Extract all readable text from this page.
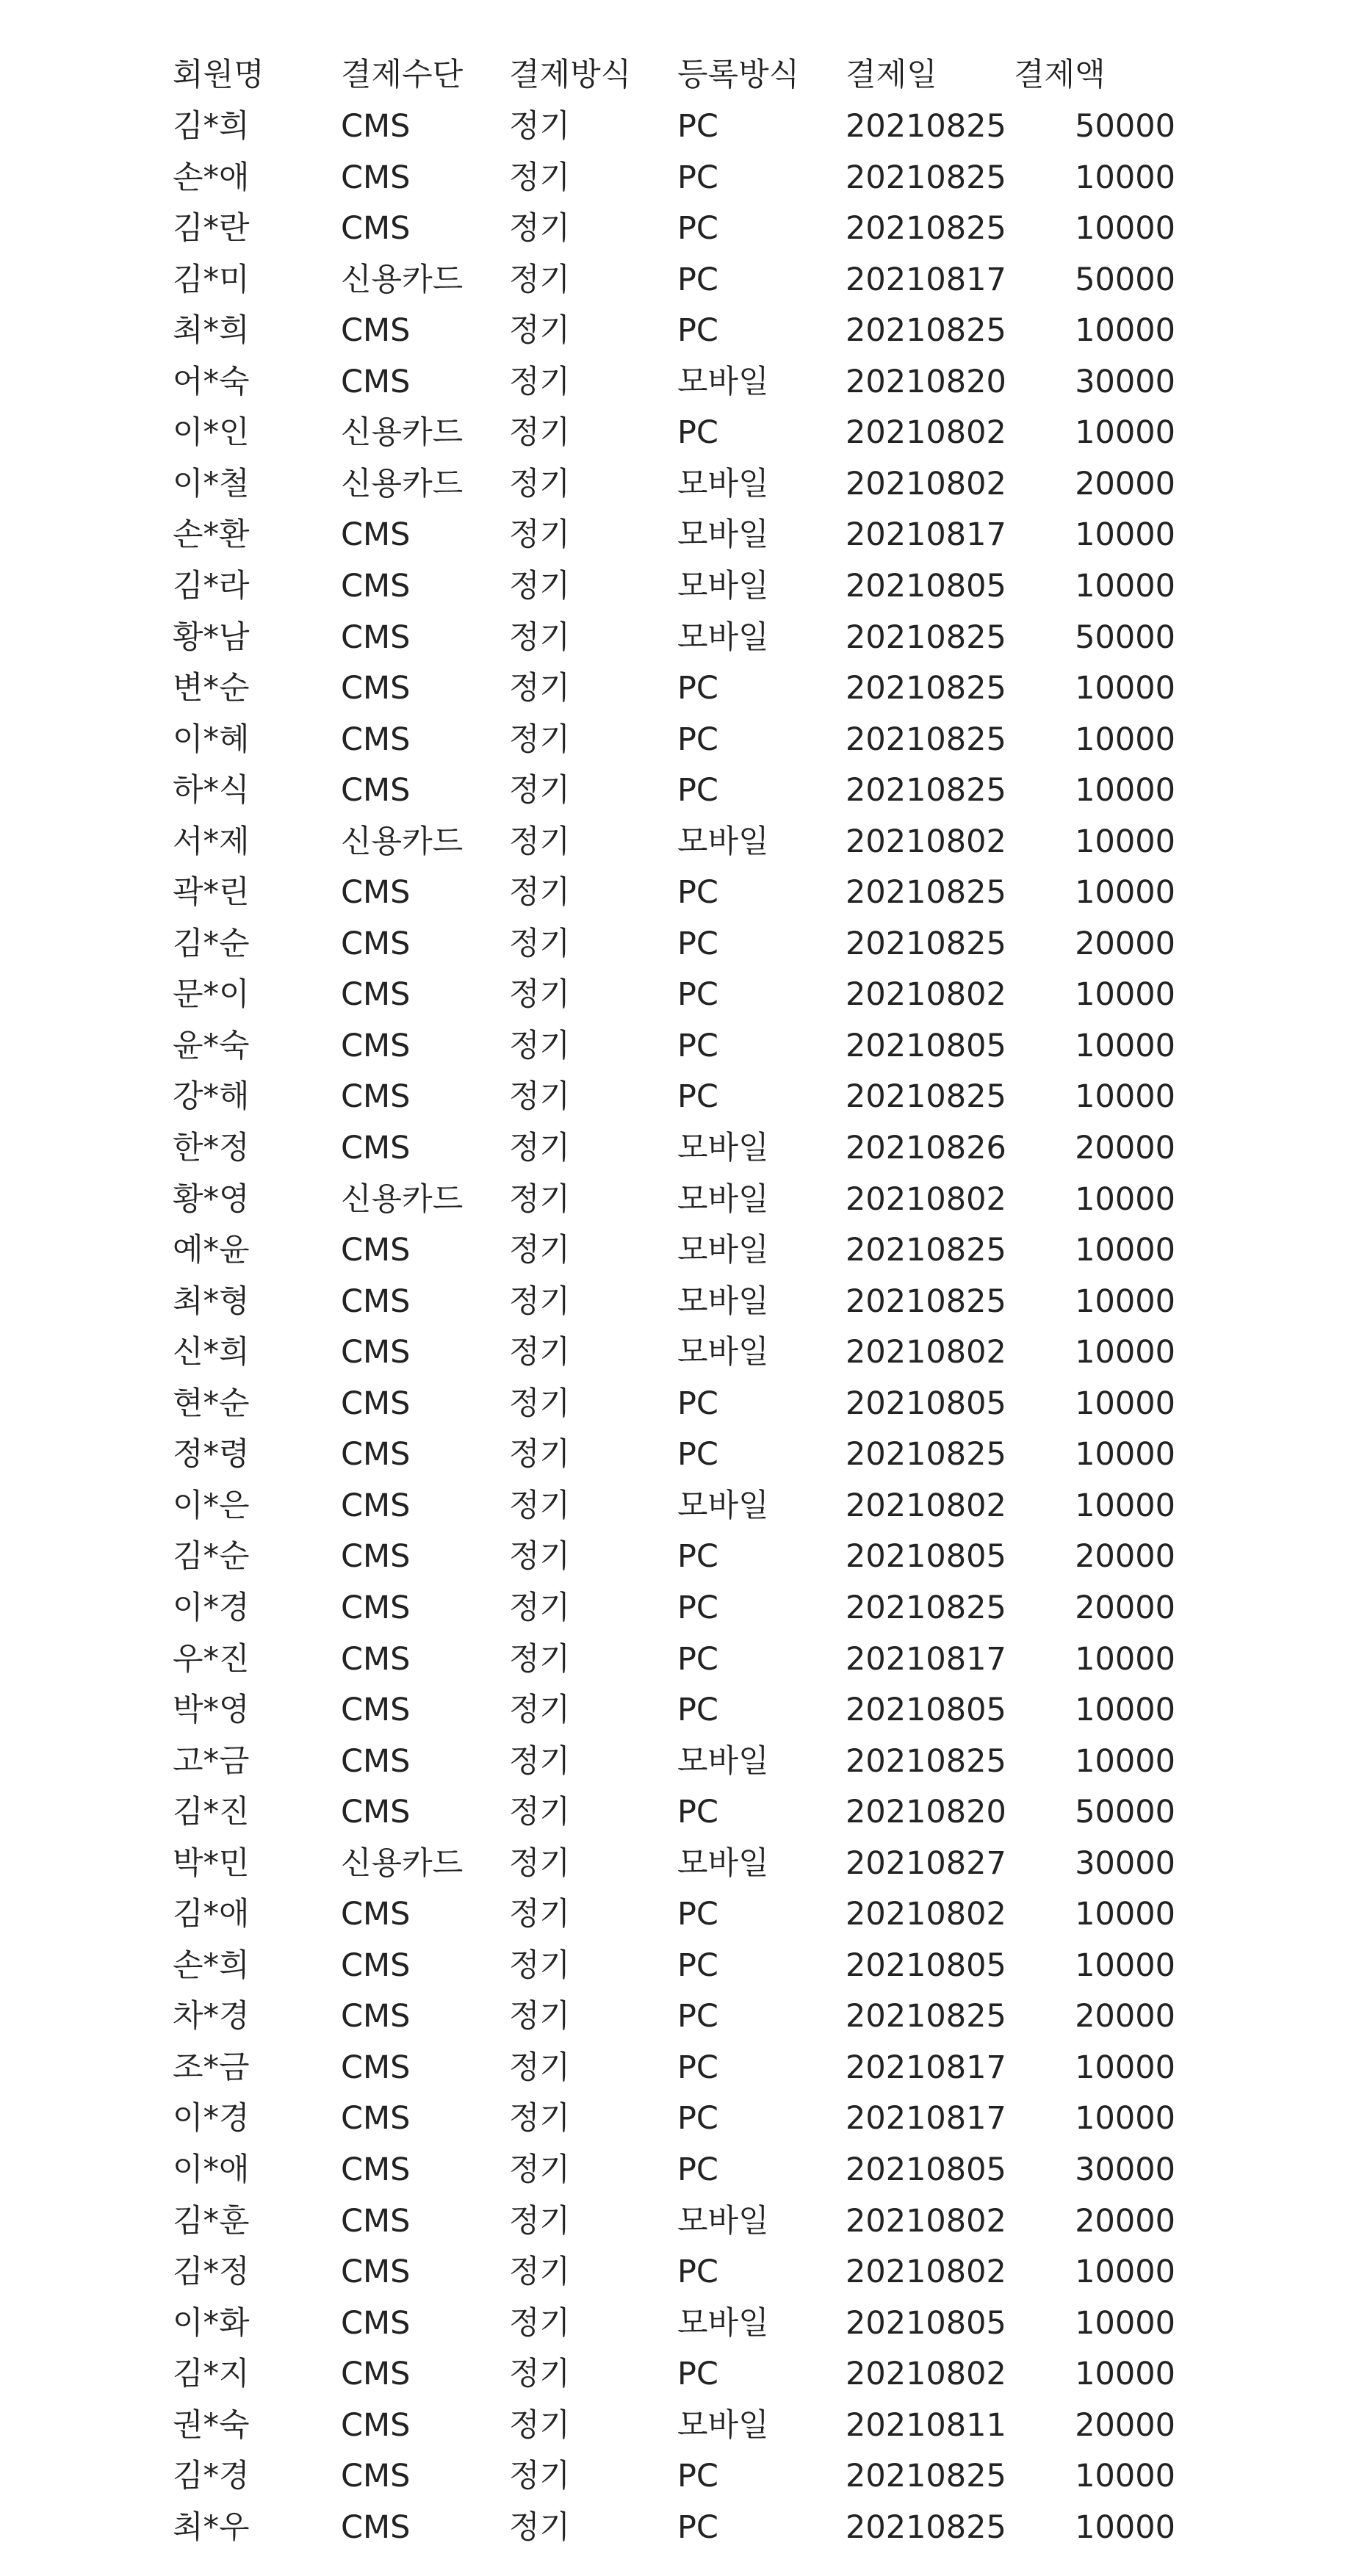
회원명 결제수단 결제방식 등록방식 결제일 결제액
김*희	CMS	정기	PC	20210825	50000
손*애	CMS	정기	PC	20210825	10000
김*란	CMS	정기	PC	20210825	10000
김*미	신용카드 정기	PC	20210817	50000
최*희	CMS	정기	PC	20210825	10000
어*숙	CMS	정기	모바일 20210820	30000
이*인	신용카드 정기	PC	20210802	10000
이*철	신용카드 정기	모바일 20210802	20000
손*환	CMS	정기	모바일 20210817	10000
김*라	CMS	정기	모바일 20210805	10000
황*남	CMS	정기	모바일 20210825	50000
변*순	CMS	정기	PC	20210825	10000
이*혜	CMS	정기	PC	20210825	10000
하*식	CMS	정기	PC	20210825	10000
서*제	신용카드 정기	모바일 20210802	10000
곽*린	CMS	정기	PC	20210825	10000
김*순	CMS	정기	PC	20210825	20000
문*이	CMS	정기	PC	20210802	10000
윤*숙	CMS	정기	PC	20210805	10000
강*해	CMS	정기	PC	20210825	10000
한*정	CMS	정기	모바일 20210826	20000
황*영	신용카드 정기	모바일 20210802	10000
예*윤	CMS	정기	모바일 20210825	10000
최*형	CMS	정기	모바일 20210825	10000
신*희	CMS	정기	모바일 20210802	10000
현*순	CMS	정기	PC	20210805	10000
정*령	CMS	정기	PC	20210825	10000
이*은	CMS	정기	모바일 20210802	10000
김*순	CMS	정기	PC	20210805	20000
이*경	CMS	정기	PC	20210825	20000
우*진	CMS	정기	PC	20210817	10000
박*영	CMS	정기	PC	20210805	10000
고*금	CMS	정기	모바일 20210825	10000
김*진	CMS	정기	PC	20210820	50000
박*민	신용카드 정기	모바일 20210827	30000
김*애	CMS	정기	PC	20210802	10000
손*희	CMS	정기	PC	20210805	10000
차*경	CMS	정기	PC	20210825	20000
조*금	CMS	정기	PC	20210817	10000
이*경	CMS	정기	PC	20210817	10000
이*애	CMS	정기	PC	20210805	30000
김*훈	CMS	정기	모바일 20210802	20000
김*정	CMS	정기	PC	20210802	10000
이*화	CMS	정기	모바일 20210805	10000
김*지	CMS	정기	PC	20210802	10000
권*숙	CMS	정기	모바일 20210811	20000
김*경	CMS	정기	PC	20210825	10000
최*우	CMS	정기	PC	20210825	10000
